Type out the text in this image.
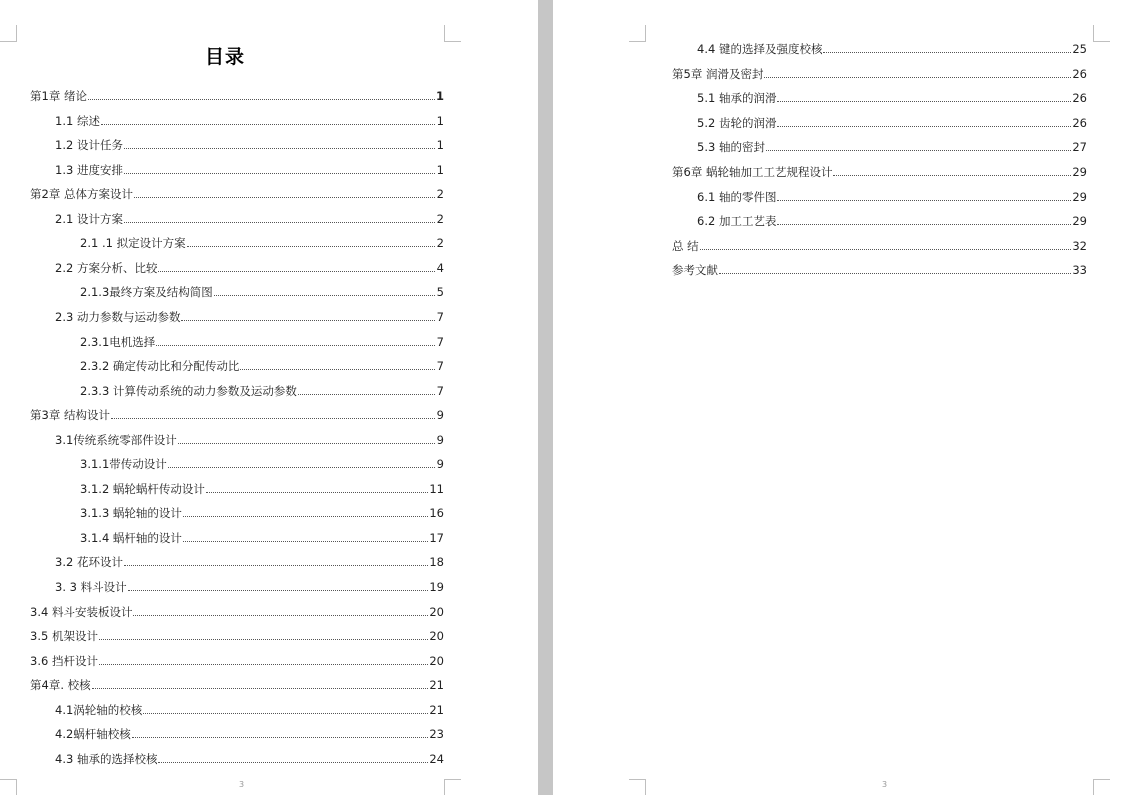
目录
第1章 绪论	1
1.1 综述	1
1.2 设计任务	1
1.3 进度安排	1
第2章 总体方案设计	2
2.1 设计方案	2
2.1 .1 拟定设计方案	2
2.2 方案分析、比较	4
2.1.3最终方案及结构简图	5
2.3 动力参数与运动参数	7
2.3.1电机选择	7
2.3.2 确定传动比和分配传动比	7
2.3.3 计算传动系统的动力参数及运动参数	7
第3章 结构设计	9
3.1传统系统零部件设计	9
3.1.1带传动设计	9
3.1.2 蜗轮蜗杆传动设计	11
3.1.3 蜗轮轴的设计	16
3.1.4 蜗杆轴的设计	17
3.2 花环设计	18
3. 3 料斗设计	19
3.4 料斗安装板设计	20
3.5 机架设计	20
3.6 挡杆设计	20
第4章. 校核	21
4.1涡轮轴的校核	21
4.2蜗杆轴校核	23
4.3 轴承的选择校核	24
3
4.4 键的选择及强度校核	25
第5章 润滑及密封	26
5.1 轴承的润滑	26
5.2 齿轮的润滑	26
5.3 轴的密封	27
第6章 蜗轮轴加工工艺规程设计	29
6.1 轴的零件图	29
6.2 加工工艺表	29
总 结	32
参考文献	33
3
